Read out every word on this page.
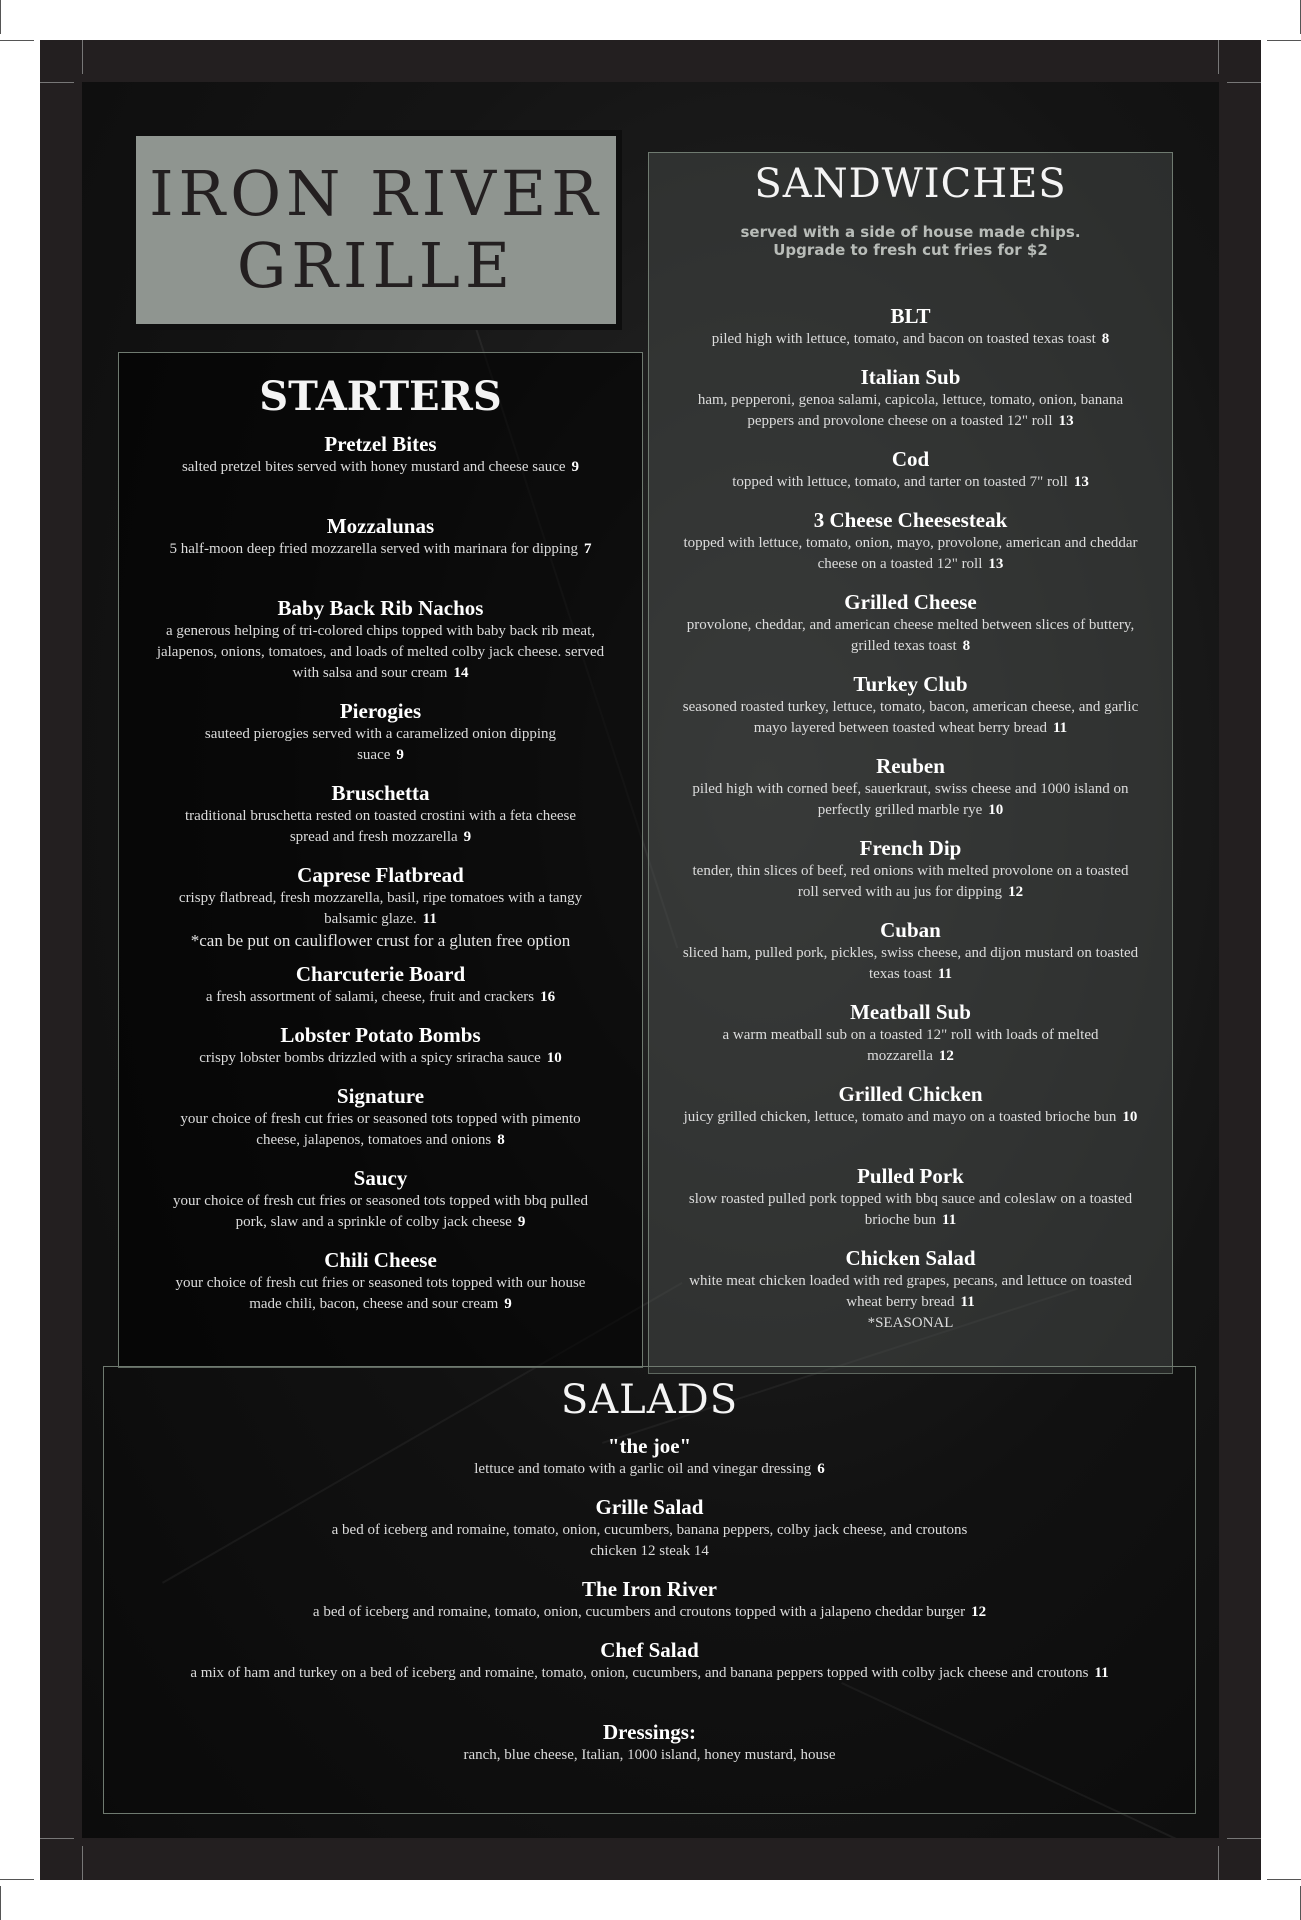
IRON RIVER
GRILLE
STARTERS
Pretzel Bites
salted pretzel bites served with honey mustard and cheese sauce 9
Mozzalunas
5 half-moon deep fried mozzarella served with marinara for dipping 7
Baby Back Rib Nachos
a generous helping of tri-colored chips topped with baby back rib meat, jalapenos, onions, tomatoes, and loads of melted colby jack cheese. served with salsa and sour cream 14
Pierogies
sauteed pierogies served with a caramelized onion dipping suace 9
Bruschetta
traditional bruschetta rested on toasted crostini with a feta cheese spread and fresh mozzarella 9
Caprese Flatbread
crispy flatbread, fresh mozzarella, basil, ripe tomatoes with a tangy balsamic glaze. 11
*can be put on cauliflower crust for a gluten free option
Charcuterie Board
a fresh assortment of salami, cheese, fruit and crackers 16
Lobster Potato Bombs
crispy lobster bombs drizzled with a spicy sriracha sauce 10
Signature
your choice of fresh cut fries or seasoned tots topped with pimento cheese, jalapenos, tomatoes and onions 8
Saucy
your choice of fresh cut fries or seasoned tots topped with bbq pulled pork, slaw and a sprinkle of colby jack cheese 9
Chili Cheese
your choice of fresh cut fries or seasoned tots topped with our house made chili, bacon, cheese and sour cream 9
SANDWICHES
served with a side of house made chips. Upgrade to fresh cut fries for $2
BLT
piled high with lettuce, tomato, and bacon on toasted texas toast 8
Italian Sub
ham, pepperoni, genoa salami, capicola, lettuce, tomato, onion, banana peppers and provolone cheese on a toasted 12" roll 13
Cod
topped with lettuce, tomato, and tarter on toasted 7" roll 13
3 Cheese Cheesesteak
topped with lettuce, tomato, onion, mayo, provolone, american and cheddar cheese on a toasted 12" roll 13
Grilled Cheese
provolone, cheddar, and american cheese melted between slices of buttery, grilled texas toast 8
Turkey Club
seasoned roasted turkey, lettuce, tomato, bacon, american cheese, and garlic mayo layered between toasted wheat berry bread 11
Reuben
piled high with corned beef, sauerkraut, swiss cheese and 1000 island on perfectly grilled marble rye 10
French Dip
tender, thin slices of beef, red onions with melted provolone on a toasted roll served with au jus for dipping 12
Cuban
sliced ham, pulled pork, pickles, swiss cheese, and dijon mustard on toasted texas toast 11
Meatball Sub
a warm meatball sub on a toasted 12" roll with loads of melted mozzarella 12
Grilled Chicken
juicy grilled chicken, lettuce, tomato and mayo on a toasted brioche bun 10
Pulled Pork
slow roasted pulled pork topped with bbq sauce and coleslaw on a toasted brioche bun 11
Chicken Salad
white meat chicken loaded with red grapes, pecans, and lettuce on toasted wheat berry bread 11
*SEASONAL
SALADS
"the joe"
lettuce and tomato with a garlic oil and vinegar dressing 6
Grille Salad
a bed of iceberg and romaine, tomato, onion, cucumbers, banana peppers, colby jack cheese, and croutons
chicken 12 steak 14
The Iron River
a bed of iceberg and romaine, tomato, onion, cucumbers and croutons topped with a jalapeno cheddar burger 12
Chef Salad
a mix of ham and turkey on a bed of iceberg and romaine, tomato, onion, cucumbers, and banana peppers topped with colby jack cheese and croutons 11
Dressings:
ranch, blue cheese, Italian, 1000 island, honey mustard, house
